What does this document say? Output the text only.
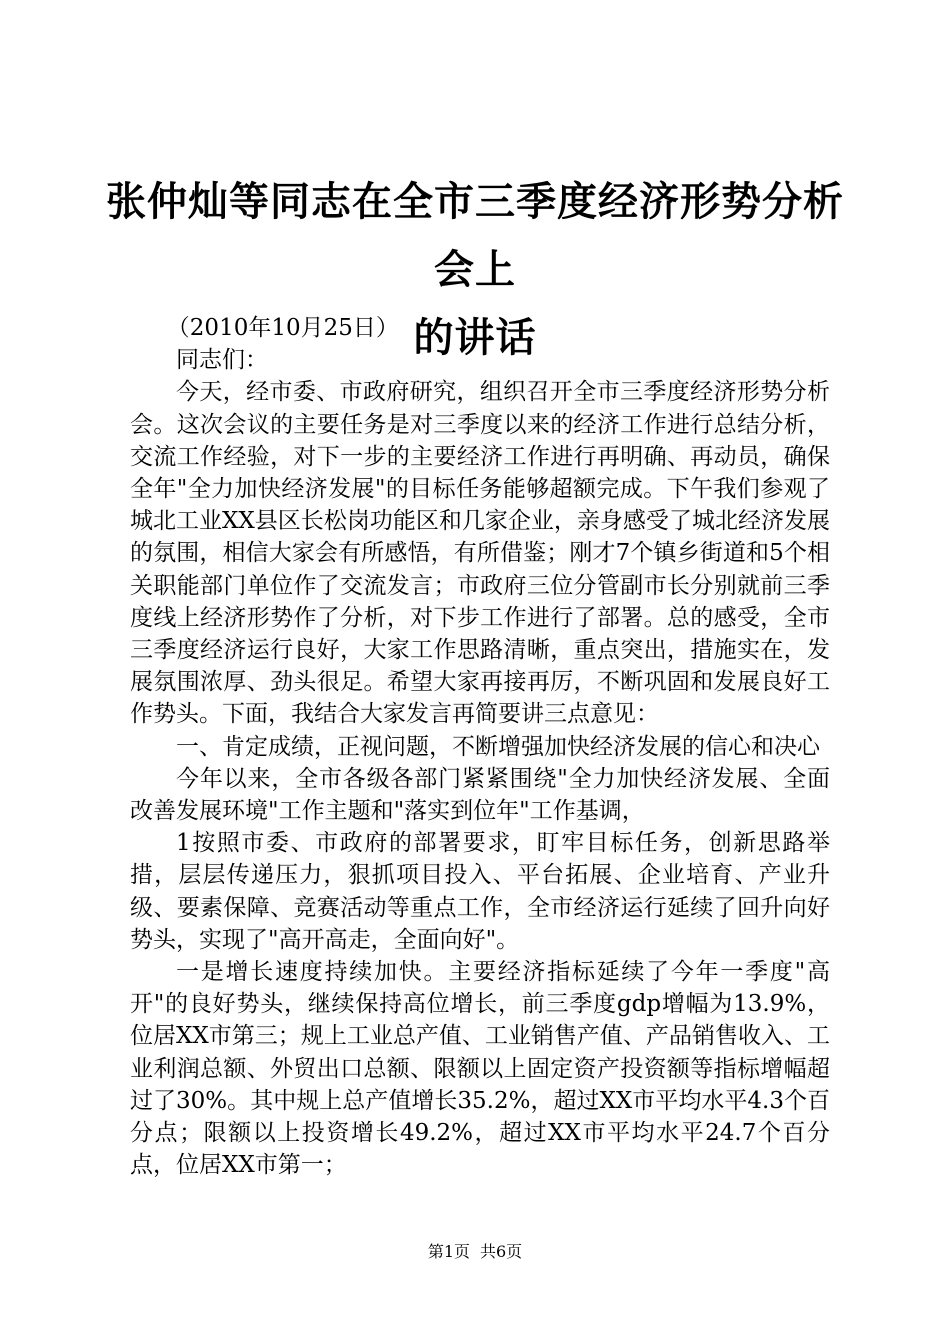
张仲灿等同志在全市三季度经济形势分析会上
的讲话

（2010年10月25日）

同志们：

今天，经市委、市政府研究，组织召开全市三季度经济形势分析会。这次会议的主要任务是对三季度以来的经济工作进行总结分析，交流工作经验，对下一步的主要经济工作进行再明确、再动员，确保全年"全力加快经济发展"的目标任务能够超额完成。下午我们参观了城北工业XX县区长松岗功能区和几家企业，亲身感受了城北经济发展的氛围，相信大家会有所感悟，有所借鉴；刚才7个镇乡街道和5个相关职能部门单位作了交流发言；市政府三位分管副市长分别就前三季度线上经济形势作了分析，对下步工作进行了部署。总的感受，全市三季度经济运行良好，大家工作思路清晰，重点突出，措施实在，发展氛围浓厚、劲头很足。希望大家再接再厉，不断巩固和发展良好工作势头。下面，我结合大家发言再简要讲三点意见：

一、肯定成绩，正视问题，不断增强加快经济发展的信心和决心

今年以来，全市各级各部门紧紧围绕"全力加快经济发展、全面改善发展环境"工作主题和"落实到位年"工作基调，

1按照市委、市政府的部署要求，盯牢目标任务，创新思路举措，层层传递压力，狠抓项目投入、平台拓展、企业培育、产业升级、要素保障、竞赛活动等重点工作，全市经济运行延续了回升向好势头，实现了"高开高走，全面向好"。

一是增长速度持续加快。主要经济指标延续了今年一季度"高开"的良好势头，继续保持高位增长，前三季度gdp增幅为13.9%，位居XX市第三；规上工业总产值、工业销售产值、产品销售收入、工业利润总额、外贸出口总额、限额以上固定资产投资额等指标增幅超过了30%。其中规上总产值增长35.2%，超过XX市平均水平4.3个百分点；限额以上投资增长49.2%，超过XX市平均水平24.7个百分点，位居XX市第一；

第1页 共6页
